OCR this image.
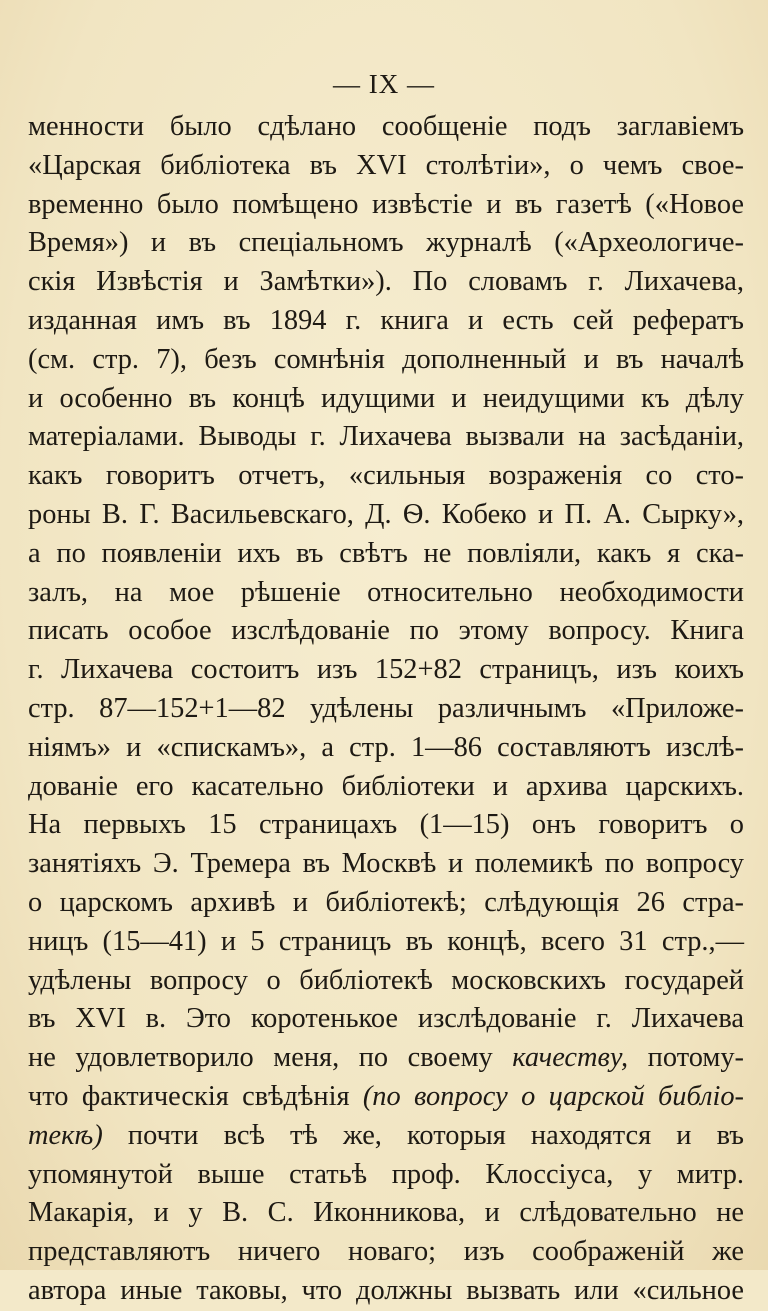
— IX —
менности было сдѣлано сообщеніе подъ заглавіемъ
«Царская библіотека въ XVI столѣтіи», о чемъ свое-
временно было помѣщено извѣстіе и въ газетѣ («Новое
Время») и въ спеціальномъ журналѣ («Археологиче-
скія Извѣстія и Замѣтки»). По словамъ г. Лихачева,
изданная имъ въ 1894 г. книга и есть сей рефератъ
(см. стр. 7), безъ сомнѣнія дополненный и въ началѣ
и особенно въ концѣ идущими и неидущими къ дѣлу
матеріалами. Выводы г. Лихачева вызвали на засѣданіи,
какъ говоритъ отчетъ, «сильныя возраженія со сто-
роны В. Г. Васильевскаго, Д. Ѳ. Кобеко и П. А. Сырку»,
а по появленіи ихъ въ свѣтъ не повліяли, какъ я ска-
залъ, на мое рѣшеніе относительно необходимости
писать особое изслѣдованіе по этому вопросу. Книга
г. Лихачева состоитъ изъ 152+82 страницъ, изъ коихъ
стр. 87—152+1—82 удѣлены различнымъ «Приложе-
ніямъ» и «спискамъ», а стр. 1—86 составляютъ изслѣ-
дованіе его касательно библіотеки и архива царскихъ.
На первыхъ 15 страницахъ (1—15) онъ говоритъ о
занятіяхъ Э. Тремера въ Москвѣ и полемикѣ по вопросу
о царскомъ архивѣ и библіотекѣ; слѣдующія 26 стра-
ницъ (15—41) и 5 страницъ въ концѣ, всего 31 стр.,—
удѣлены вопросу о библіотекѣ московскихъ государей
въ XVI в. Это коротенькое изслѣдованіе г. Лихачева
не удовлетворило меня, по своему качеству, потому-
что фактическія свѣдѣнія (по вопросу о царской библіо-
текѣ) почти всѣ тѣ же, которыя находятся и въ
упомянутой выше статьѣ проф. Клоссіуса, у митр.
Макарія, и у В. С. Иконникова, и слѣдовательно не
представляютъ ничего новаго; изъ соображеній же
автора иные таковы, что должны вызвать или «сильное
